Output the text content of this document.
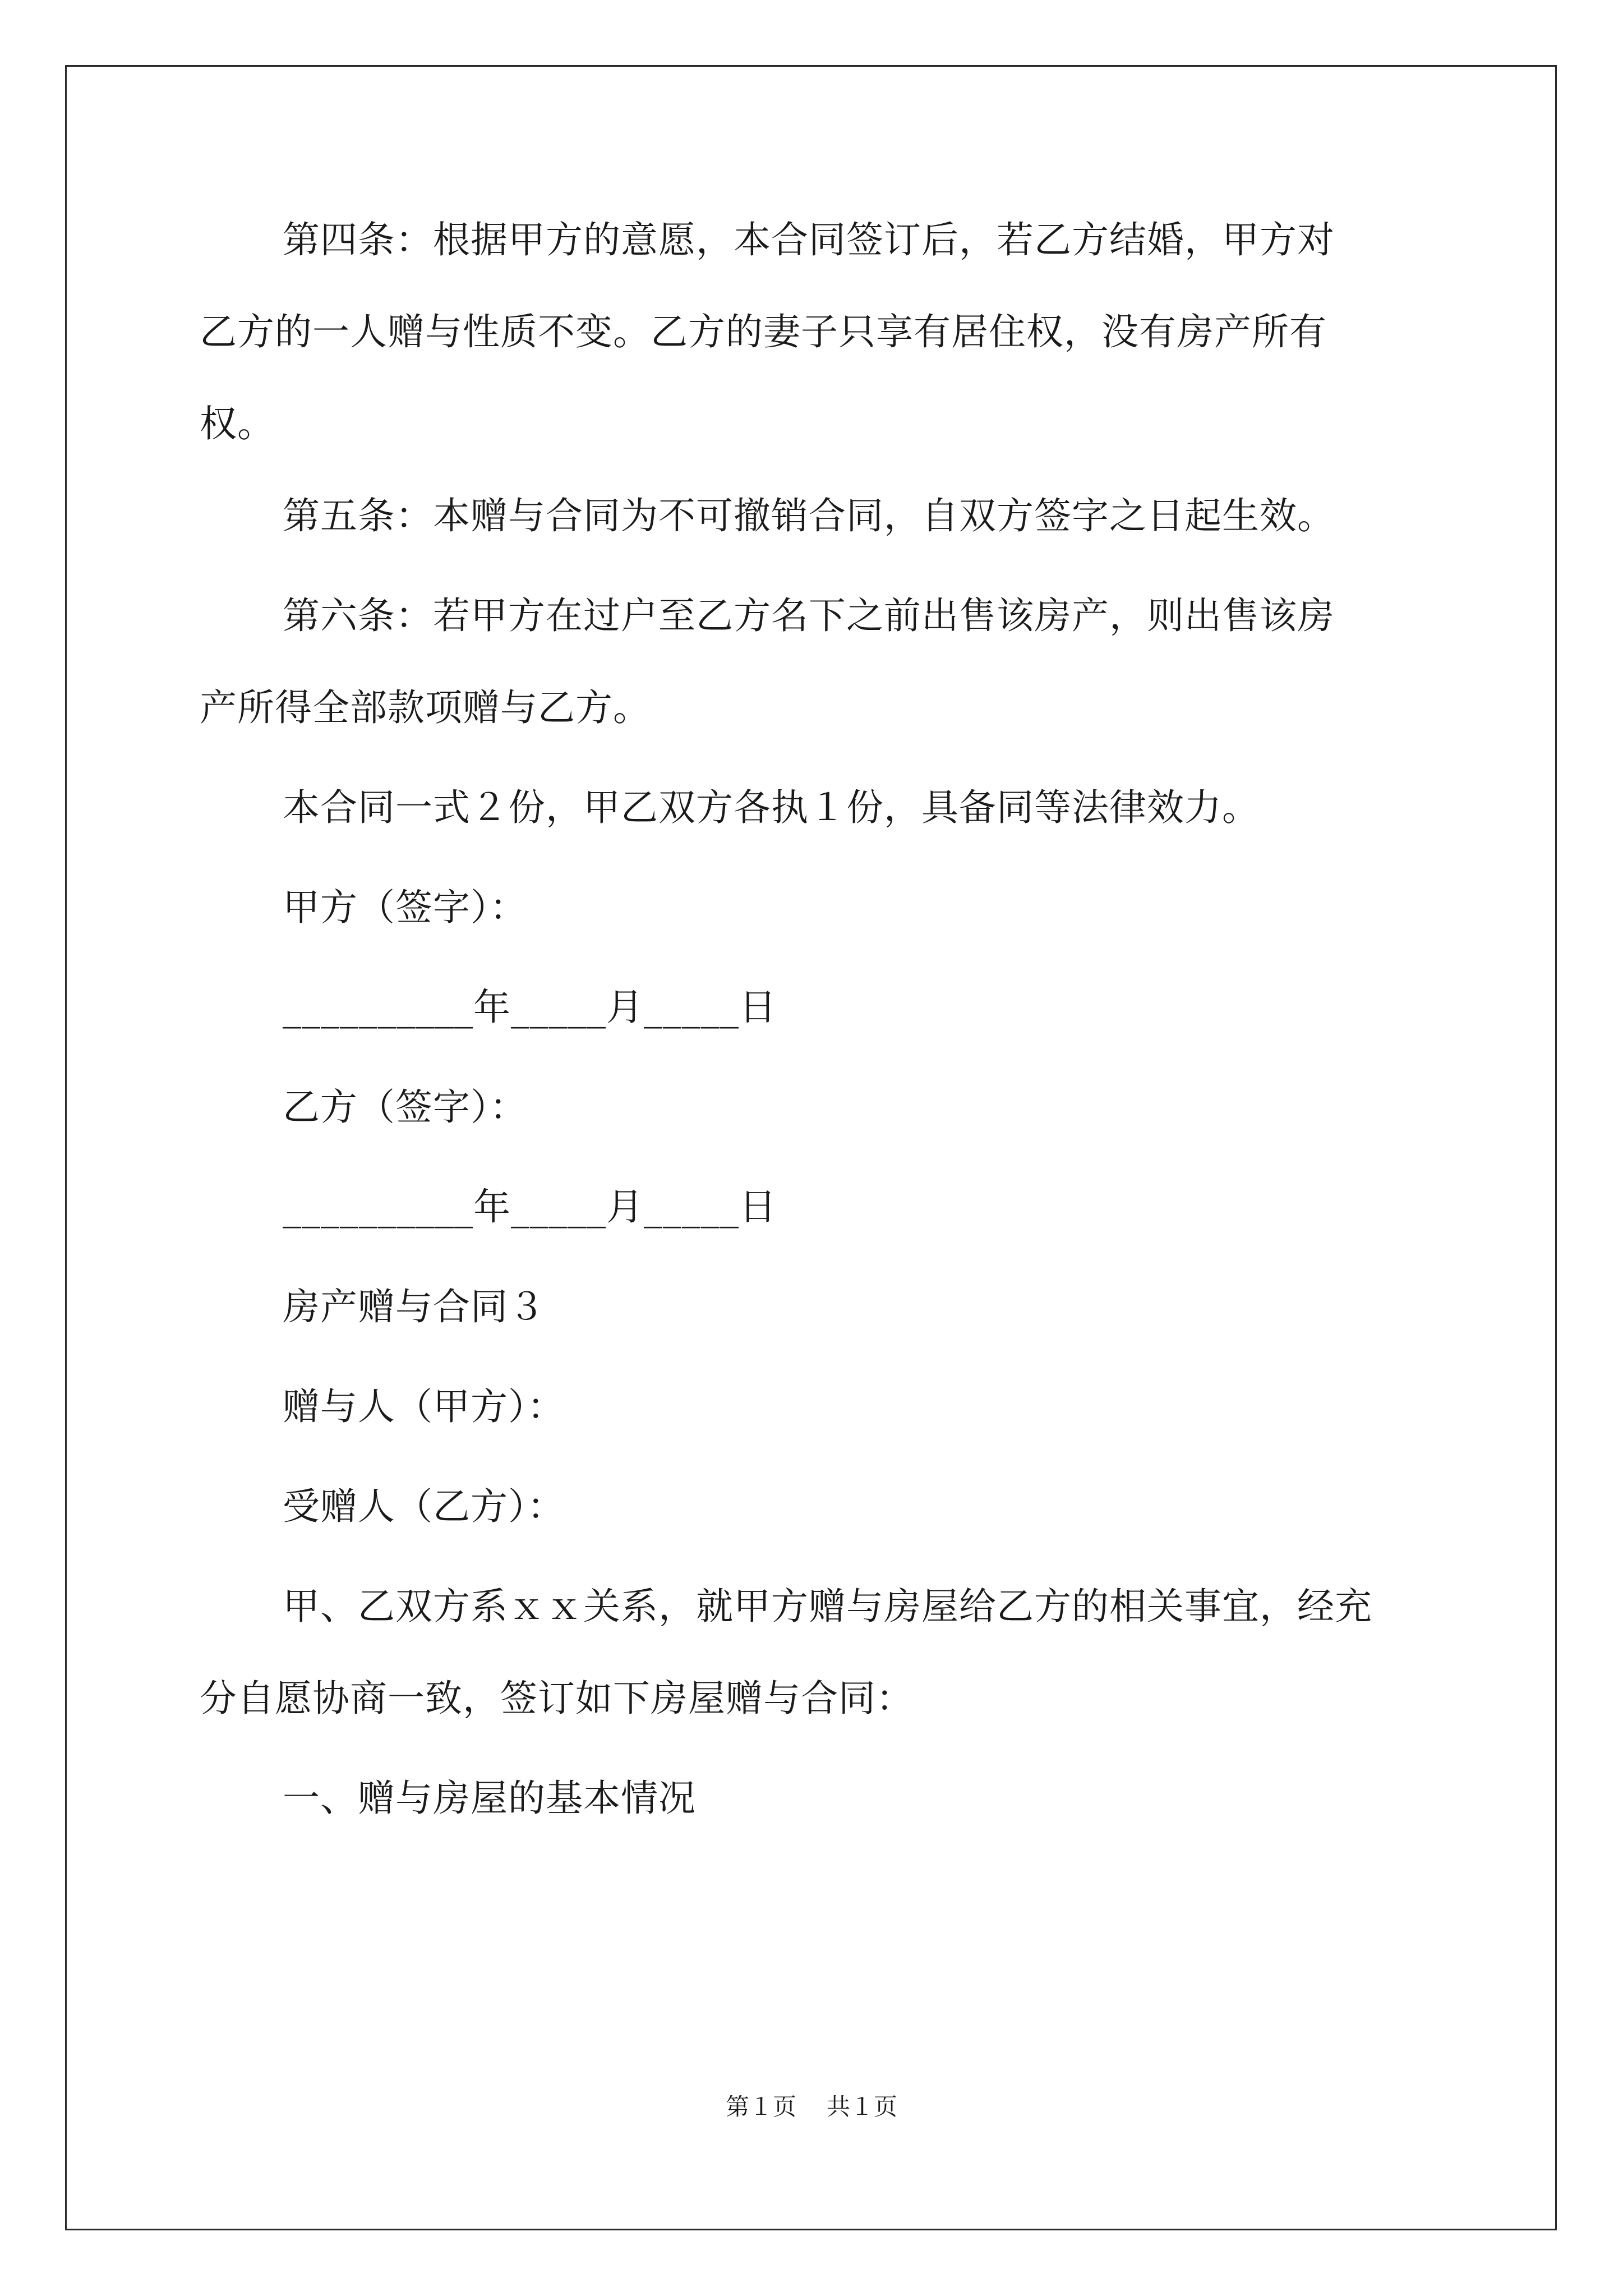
第四条：根据甲方的意愿，本合同签订后，若乙方结婚，甲方对

乙方的一人赠与性质不变。乙方的妻子只享有居住权，没有房产所有

权。

第五条：本赠与合同为不可撤销合同，自双方签字之日起生效。

第六条：若甲方在过户至乙方名下之前出售该房产，则出售该房

产所得全部款项赠与乙方。

本合同一式２份，甲乙双方各执１份，具备同等法律效力。

甲方（签字）：

__________年_____月_____日

乙方（签字）：

__________年_____月_____日

房产赠与合同３

赠与人（甲方）：

受赠人（乙方）：

甲、乙双方系ｘｘ关系，就甲方赠与房屋给乙方的相关事宜，经充

分自愿协商一致，签订如下房屋赠与合同：

一、赠与房屋的基本情况

第１页 共１页
